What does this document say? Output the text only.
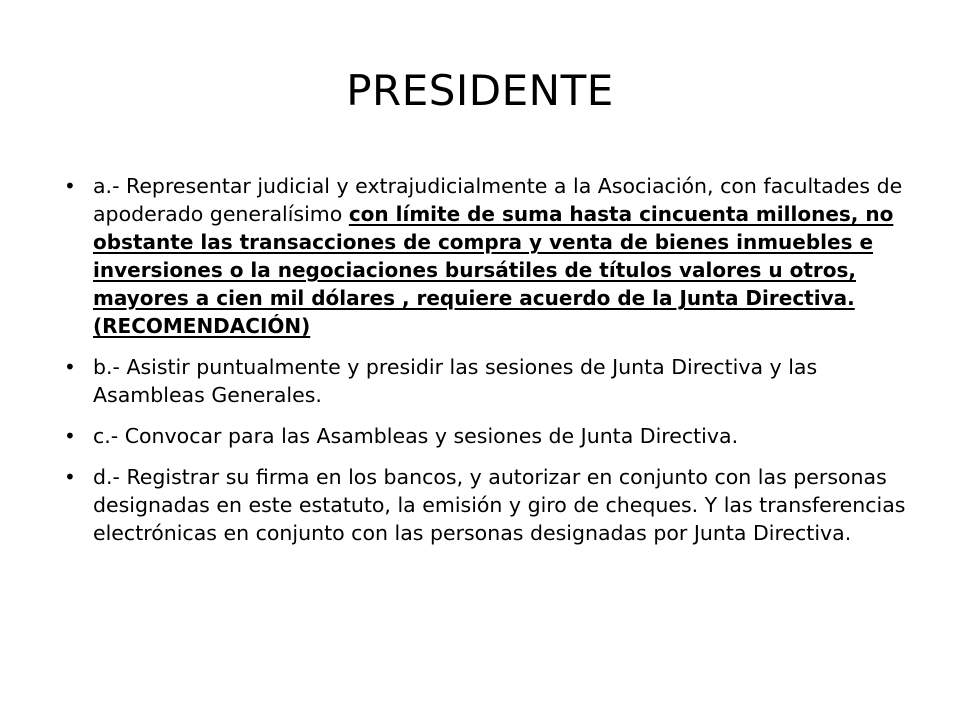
PRESIDENTE
• a.- Representar judicial y extrajudicialmente a la Asociación, con facultades de apoderado generalísimo con límite de suma hasta cincuenta millones, no obstante las transacciones de compra y venta de bienes inmuebles e inversiones o la negociaciones bursátiles de títulos valores u otros, mayores a cien mil dólares , requiere acuerdo de la Junta Directiva. (RECOMENDACIÓN)
• b.- Asistir puntualmente y presidir las sesiones de Junta Directiva y las Asambleas Generales.
• c.- Convocar para las Asambleas y sesiones de Junta Directiva.
• d.- Registrar su firma en los bancos, y autorizar en conjunto con las personas designadas en este estatuto, la emisión y giro de cheques. Y las transferencias electrónicas en conjunto con las personas designadas por Junta Directiva.
